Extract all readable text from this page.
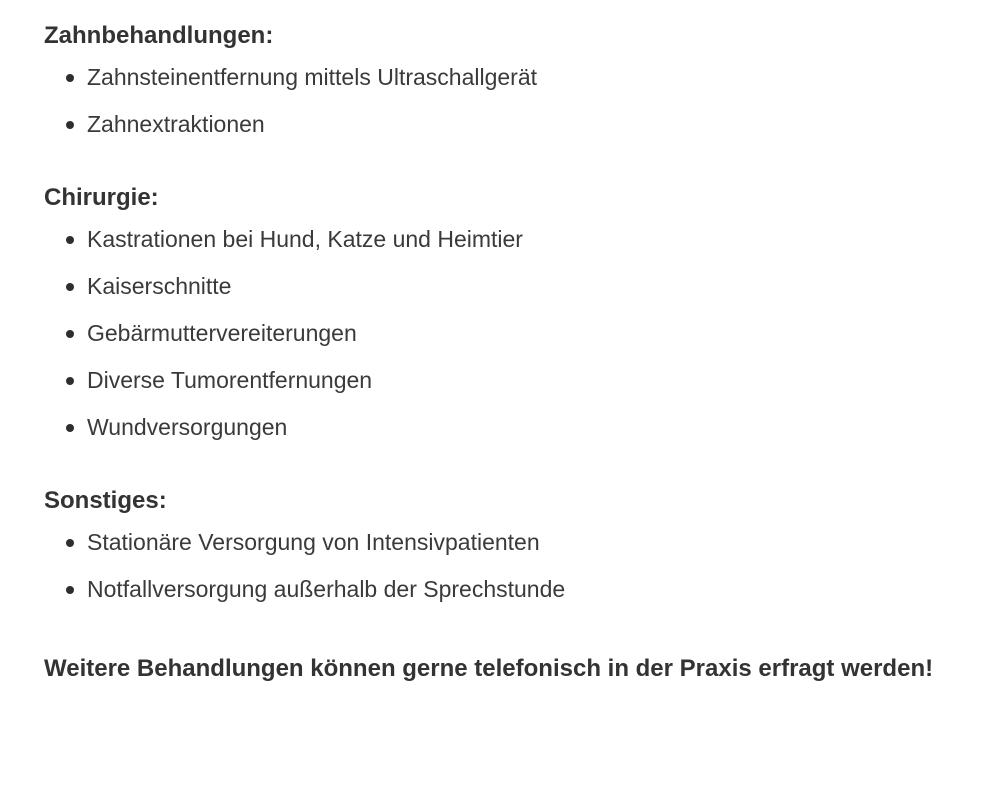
Zahnbehandlungen:
Zahnsteinentfernung mittels Ultraschallgerät
Zahnextraktionen
Chirurgie:
Kastrationen bei Hund, Katze und Heimtier
Kaiserschnitte
Gebärmuttervereiterungen
Diverse Tumorentfernungen
Wundversorgungen
Sonstiges:
Stationäre Versorgung von Intensivpatienten
Notfallversorgung außerhalb der Sprechstunde

Weitere Behandlungen können gerne telefonisch in der Praxis erfragt werden!
